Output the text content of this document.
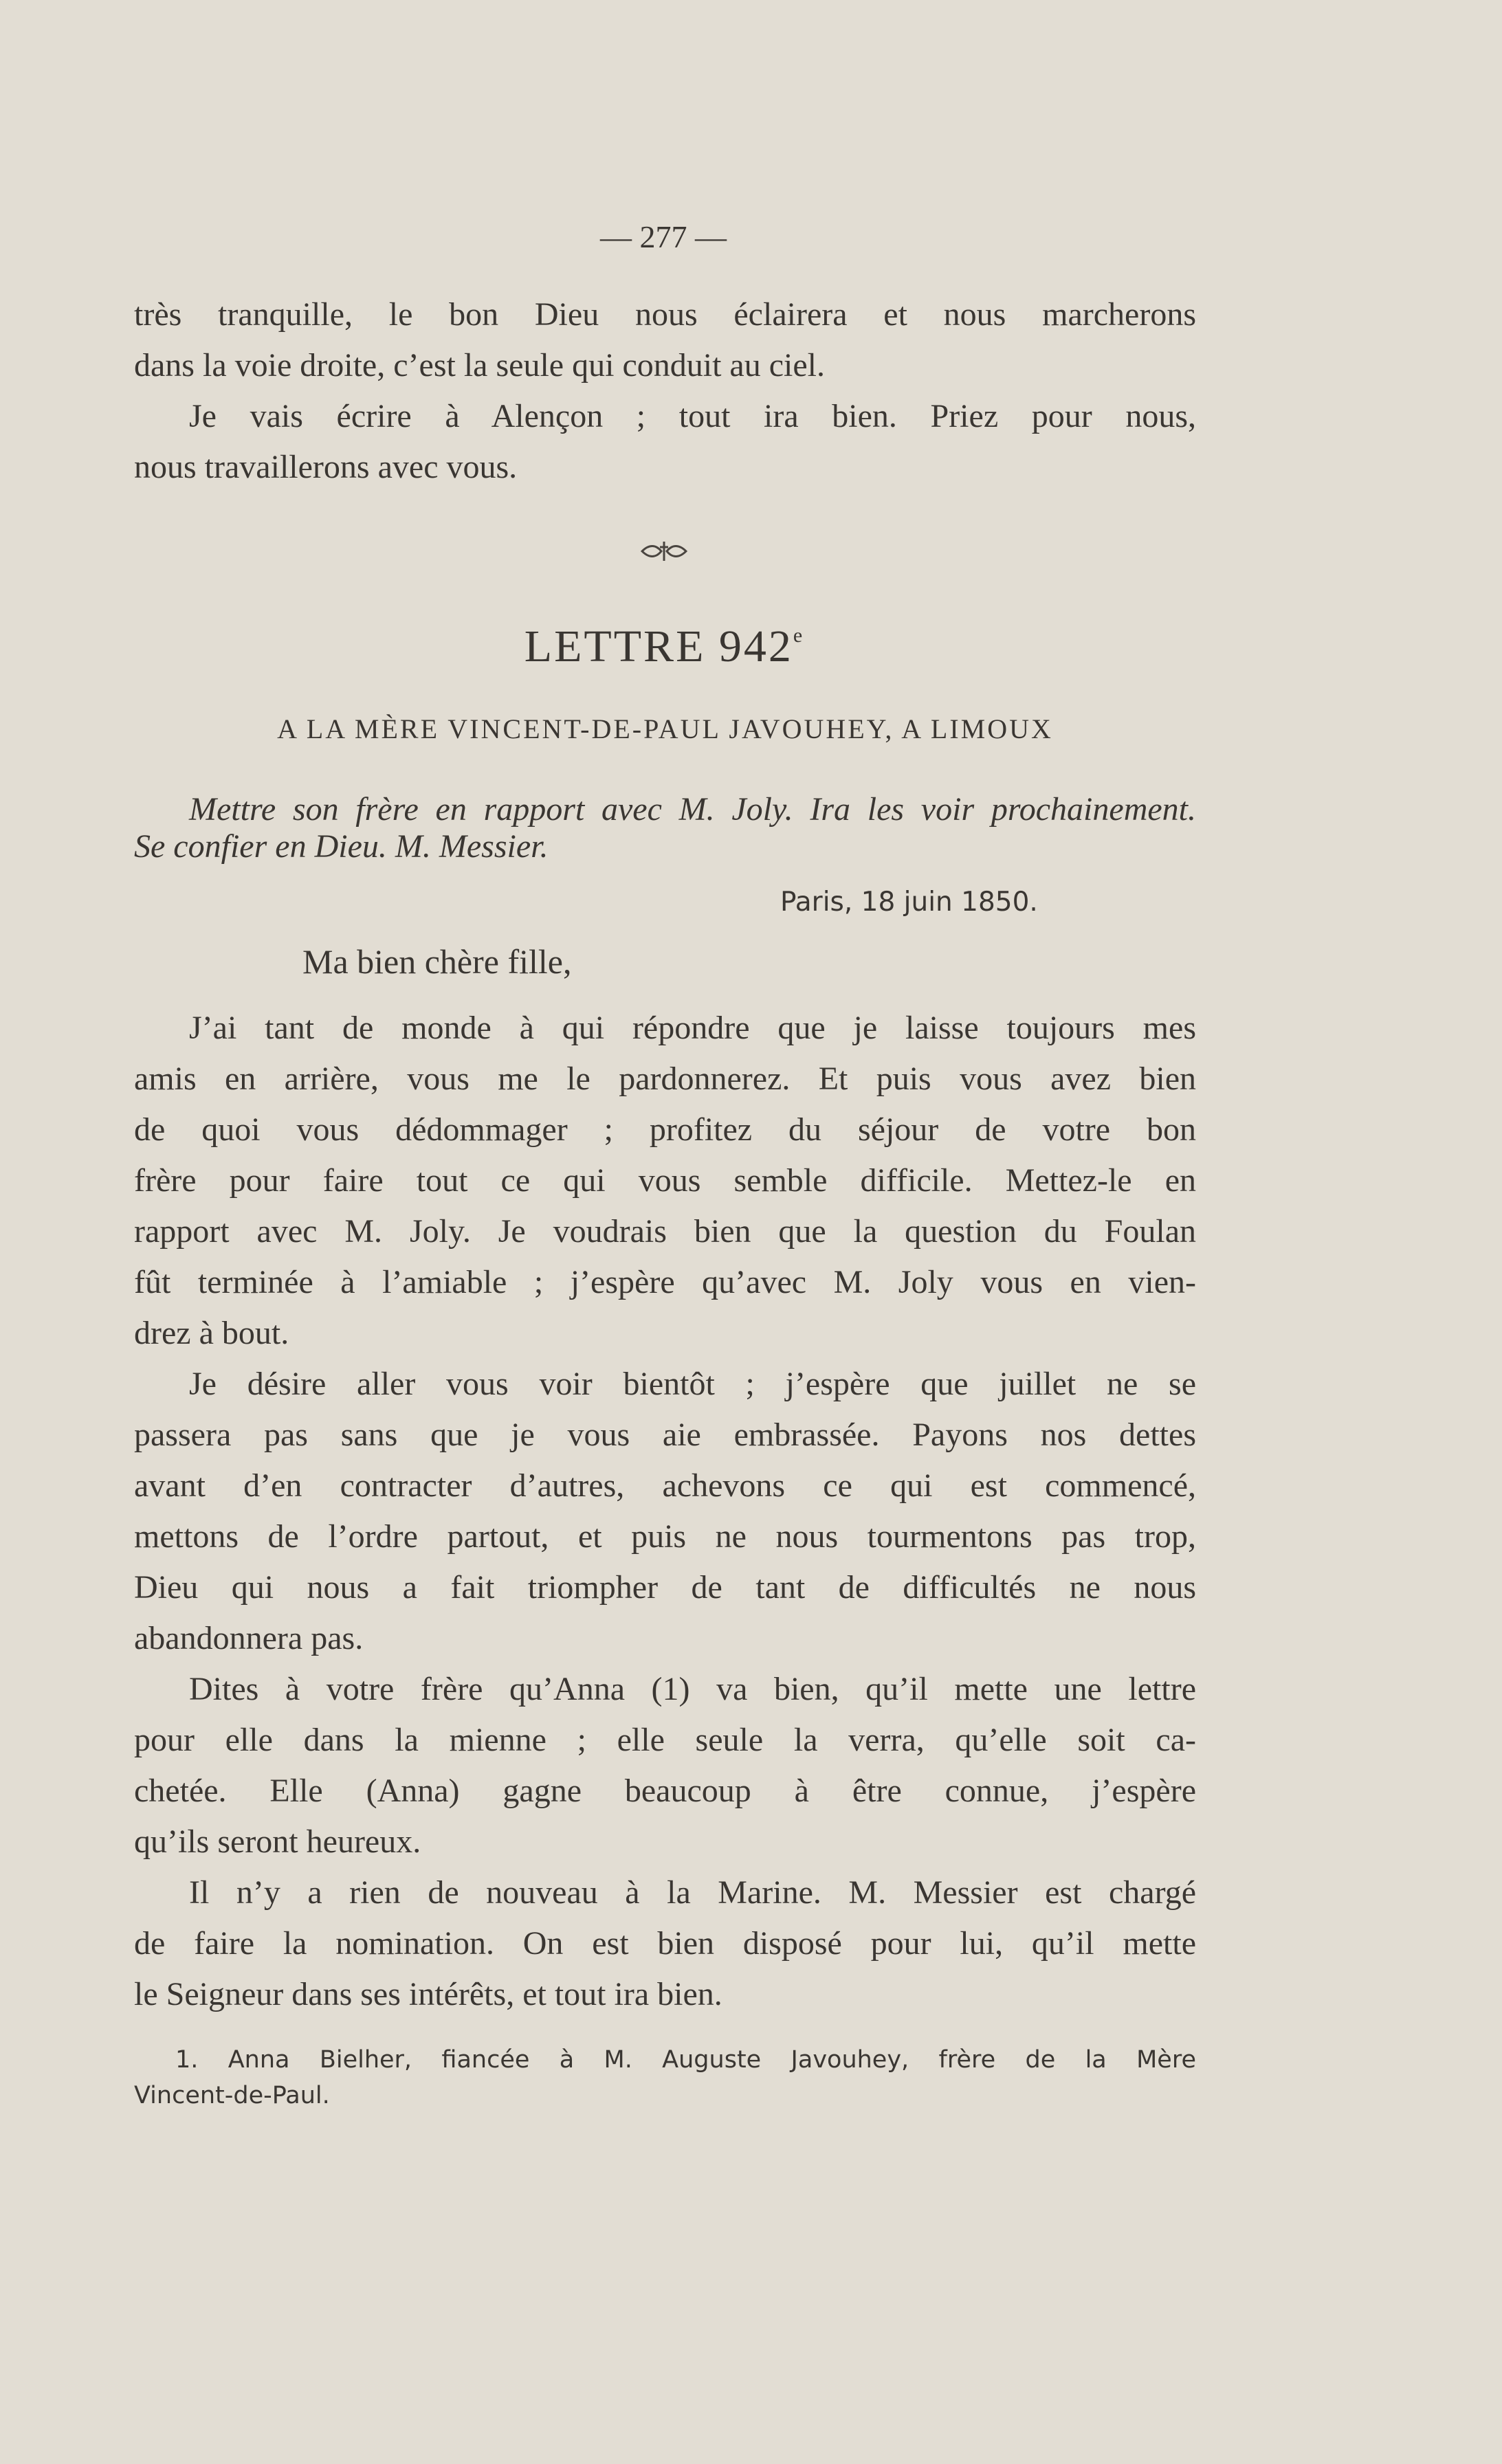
— 277 —

très tranquille, le bon Dieu nous éclairera et nous marcherons

dans la voie droite, c’est la seule qui conduit au ciel.

Je vais écrire à Alençon ; tout ira bien. Priez pour nous,

nous travaillerons avec vous.

LETTRE 942e
A LA MÈRE VINCENT-DE-PAUL JAVOUHEY, A LIMOUX

Mettre son frère en rapport avec M. Joly. Ira les voir prochainement.

Se confier en Dieu. M. Messier.

Paris, 18 juin 1850.
Ma bien chère fille,

J’ai tant de monde à qui répondre que je laisse toujours mes

amis en arrière, vous me le pardonnerez. Et puis vous avez bien

de quoi vous dédommager ; profitez du séjour de votre bon

frère pour faire tout ce qui vous semble difficile. Mettez-le en

rapport avec M. Joly. Je voudrais bien que la question du Foulan

fût terminée à l’amiable ; j’espère qu’avec M. Joly vous en vien-

drez à bout.

Je désire aller vous voir bientôt ; j’espère que juillet ne se

passera pas sans que je vous aie embrassée. Payons nos dettes

avant d’en contracter d’autres, achevons ce qui est commencé,

mettons de l’ordre partout, et puis ne nous tourmentons pas trop,

Dieu qui nous a fait triompher de tant de difficultés ne nous

abandonnera pas.

Dites à votre frère qu’Anna (1) va bien, qu’il mette une lettre

pour elle dans la mienne ; elle seule la verra, qu’elle soit ca-

chetée. Elle (Anna) gagne beaucoup à être connue, j’espère

qu’ils seront heureux.

Il n’y a rien de nouveau à la Marine. M. Messier est chargé

de faire la nomination. On est bien disposé pour lui, qu’il mette

le Seigneur dans ses intérêts, et tout ira bien.

1. Anna Bielher, fiancée à M. Auguste Javouhey, frère de la Mère

Vincent-de-Paul.
